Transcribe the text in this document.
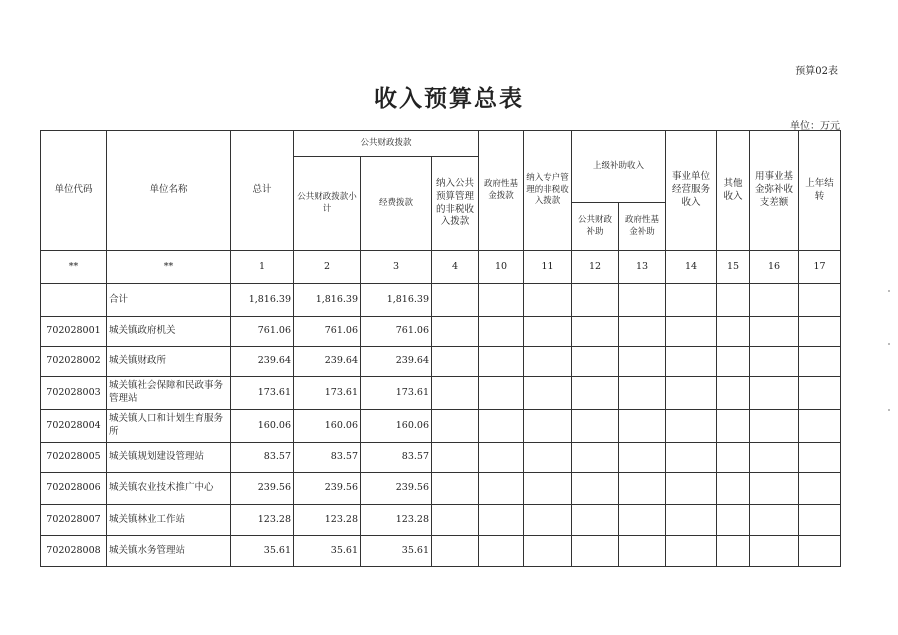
预算02表
收入预算总表
单位：万元
单位代码	单位名称	总计	公共财政拨款			政府性基金拨款	纳入专户管理的非税收入拨款	上级补助收入		事业单位经营服务收入	其他收入	用事业基金弥补收支差额	上年结转
			公共财政拨款小计	经费拨款	纳入公共预算管理的非税收入拨款								
								公共财政补助	政府性基金补助				
**	**	1	2	3	4	10	11	12	13	14	15	16	17
	合计	1,816.39	1,816.39	1,816.39									
702028001	城关镇政府机关	761.06	761.06	761.06									
702028002	城关镇财政所	239.64	239.64	239.64									
702028003	城关镇社会保障和民政事务管理站	173.61	173.61	173.61									
702028004	城关镇人口和计划生育服务所	160.06	160.06	160.06									
702028005	城关镇规划建设管理站	83.57	83.57	83.57									
702028006	城关镇农业技术推广中心	239.56	239.56	239.56									
702028007	城关镇林业工作站	123.28	123.28	123.28									
702028008	城关镇水务管理站	35.61	35.61	35.61									
